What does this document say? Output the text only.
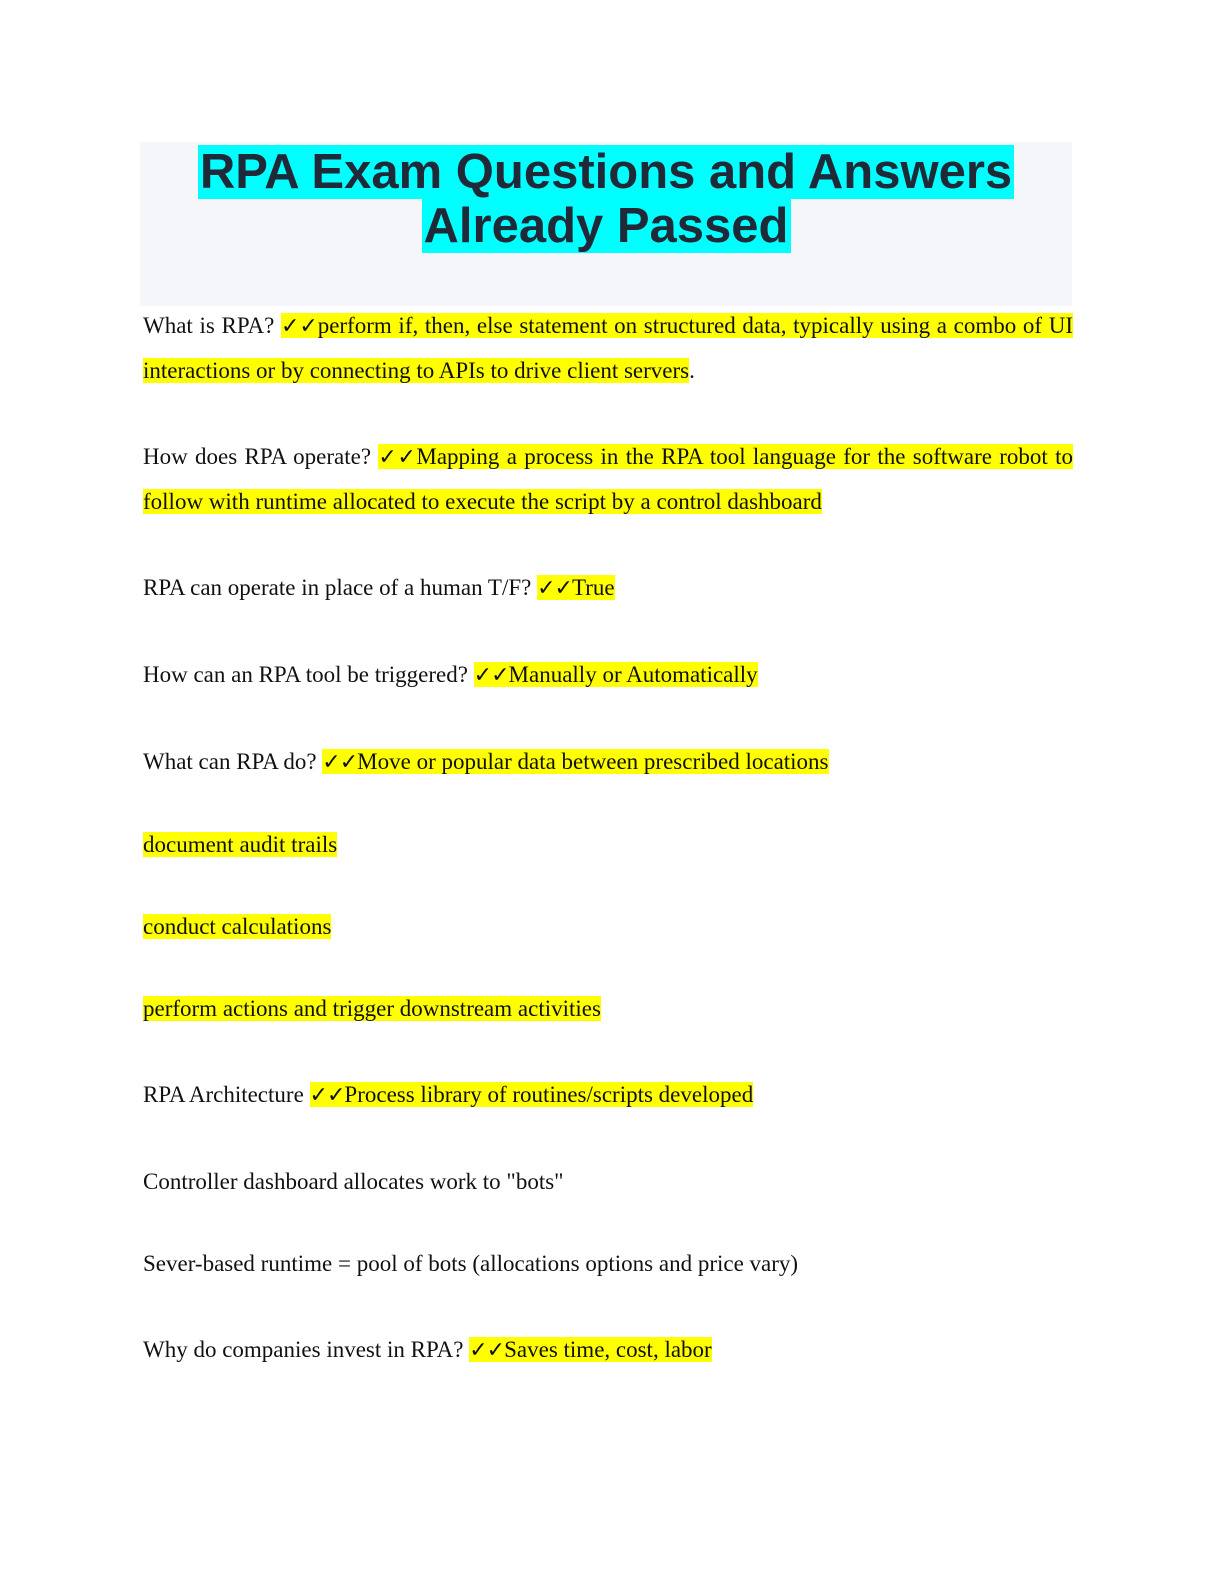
RPA Exam Questions and Answers
Already Passed

What is RPA? ✓✓perform if, then, else statement on structured data, typically using a combo of UI interactions or by connecting to APIs to drive client servers.

How does RPA operate? ✓✓Mapping a process in the RPA tool language for the software robot to follow with runtime allocated to execute the script by a control dashboard

RPA can operate in place of a human T/F? ✓✓True

How can an RPA tool be triggered? ✓✓Manually or Automatically

What can RPA do? ✓✓Move or popular data between prescribed locations

document audit trails

conduct calculations

perform actions and trigger downstream activities

RPA Architecture ✓✓Process library of routines/scripts developed

Controller dashboard allocates work to "bots"

Sever-based runtime = pool of bots (allocations options and price vary)

Why do companies invest in RPA? ✓✓Saves time, cost, labor
